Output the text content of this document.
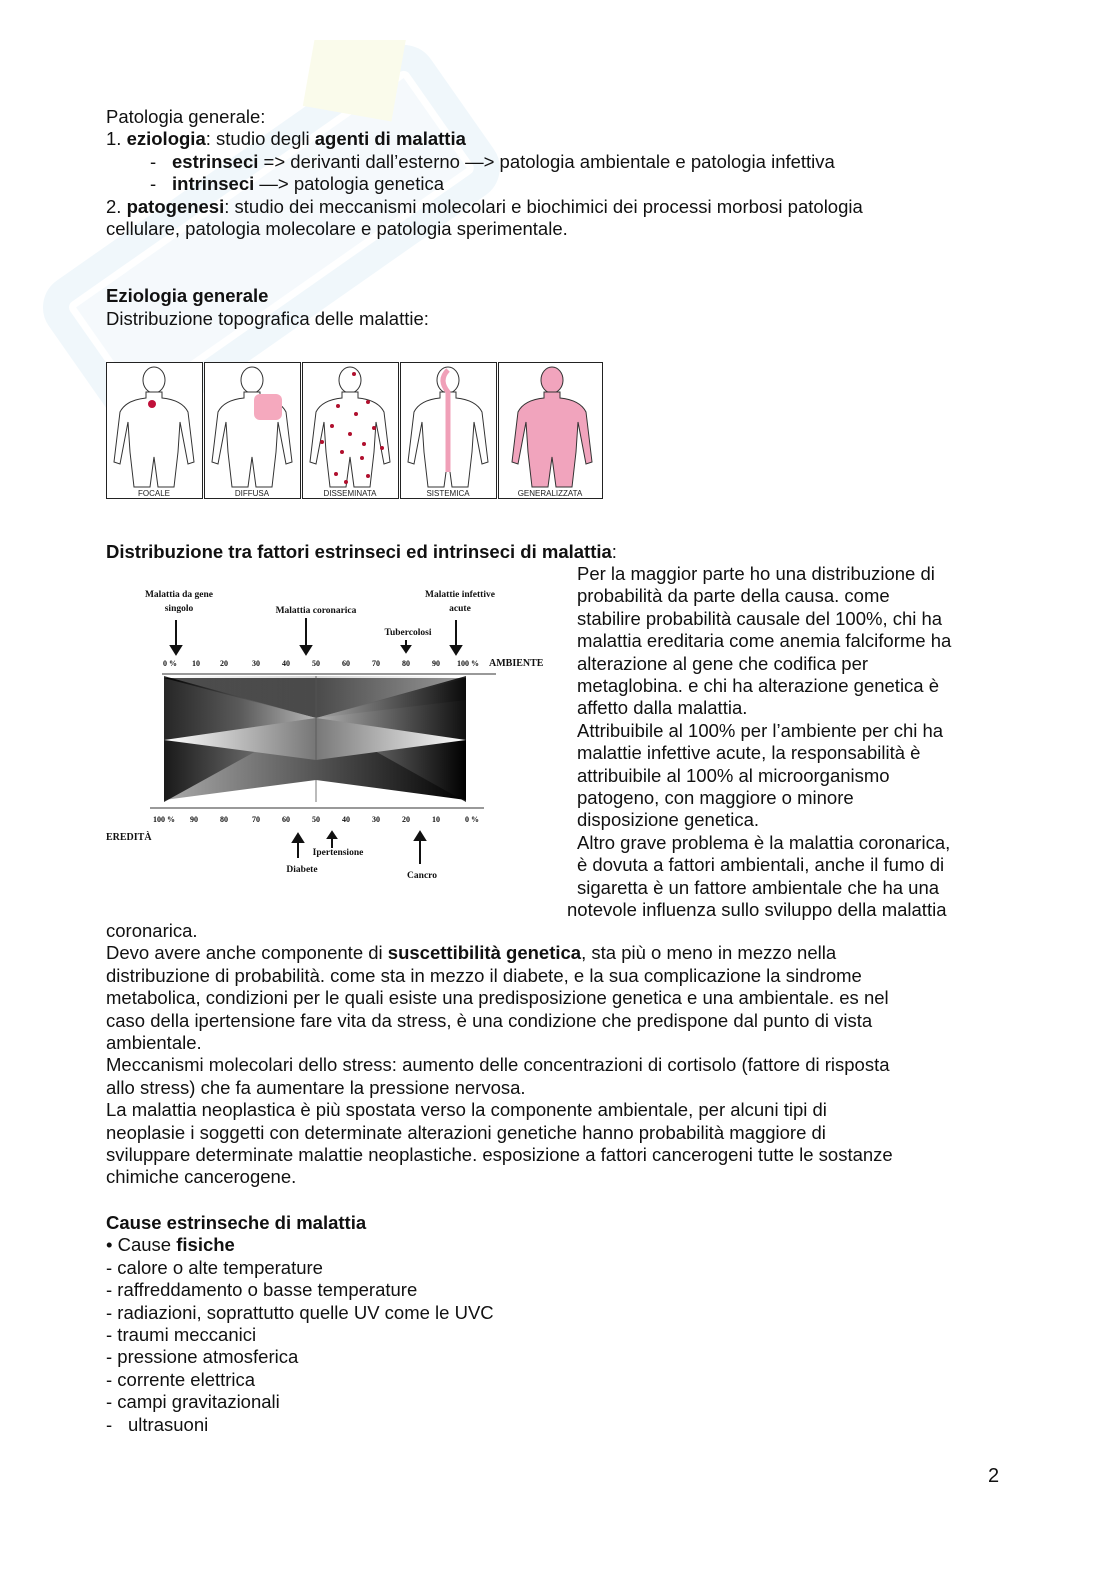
Patologia generale:
1. eziologia: studio degli agenti di malattia
- estrinseci => derivanti dall’esterno —> patologia ambientale e patologia infettiva
- intrinseci —> patologia genetica
2. patogenesi: studio dei meccanismi molecolari e biochimici dei processi morbosi patologia
cellulare, patologia molecolare e patologia sperimentale.
Eziologia generale
Distribuzione topografica delle malattie:
FOCALE	DIFFUSA	DISSEMINATA	SISTEMICA	GENERALIZZATA
Distribuzione tra fattori estrinseci ed intrinseci di malattia:
Malattia da gene
singolo	Malattia coronarica
Tubercolosi
Malattie infettive
acute
0 % 10	20	30	40	50	60	70	80	90 100 % AMBIENTE
100 % 90	80	70	60	50	40	30	20	10	0 %
EREDITÀ
Ipertensione
Diabete
Cancro
Per la maggior parte ho una distribuzione di
probabilità da parte della causa. come
stabilire probabilità causale del 100%, chi ha
malattia ereditaria come anemia falciforme ha
alterazione al gene che codifica per
metaglobina. e chi ha alterazione genetica è
affetto dalla malattia.
Attribuibile al 100% per l’ambiente per chi ha
malattie infettive acute, la responsabilità è
attribuibile al 100% al microorganismo
patogeno, con maggiore o minore
disposizione genetica.
Altro grave problema è la malattia coronarica,
è dovuta a fattori ambientali, anche il fumo di
sigaretta è un fattore ambientale che ha una
notevole influenza sullo sviluppo della malattia
coronarica.
Devo avere anche componente di suscettibilità genetica, sta più o meno in mezzo nella
distribuzione di probabilità. come sta in mezzo il diabete, e la sua complicazione la sindrome
metabolica, condizioni per le quali esiste una predisposizione genetica e una ambientale. es nel
caso della ipertensione fare vita da stress, è una condizione che predispone dal punto di vista
ambientale.
Meccanismi molecolari dello stress: aumento delle concentrazioni di cortisolo (fattore di risposta
allo stress) che fa aumentare la pressione nervosa.
La malattia neoplastica è più spostata verso la componente ambientale, per alcuni tipi di
neoplasie i soggetti con determinate alterazioni genetiche hanno probabilità maggiore di
sviluppare determinate malattie neoplastiche. esposizione a fattori cancerogeni tutte le sostanze
chimiche cancerogene.
Cause estrinseche di malattia
• Cause fisiche
- calore o alte temperature
- raffreddamento o basse temperature
- radiazioni, soprattutto quelle UV come le UVC
- traumi meccanici
- pressione atmosferica
- corrente elettrica
- campi gravitazionali
- ultrasuoni
2
